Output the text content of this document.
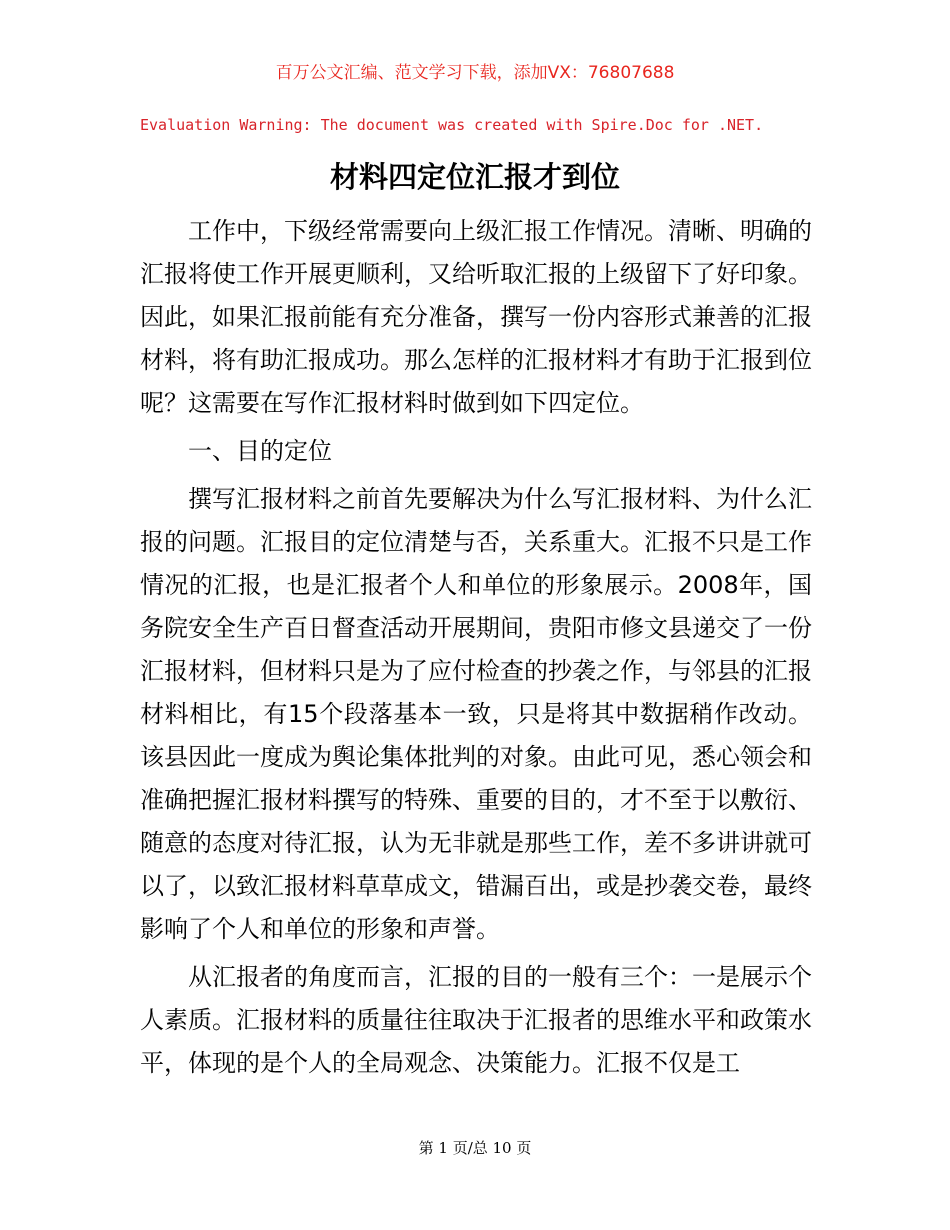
百万公文汇编、范文学习下载，添加VX：76807688
Evaluation Warning: The document was created with Spire.Doc for .NET.
材料四定位汇报才到位

工作中，下级经常需要向上级汇报工作情况。清晰、明确的汇报将使工作开展更顺利，又给听取汇报的上级留下了好印象。因此，如果汇报前能有充分准备，撰写一份内容形式兼善的汇报材料，将有助汇报成功。那么怎样的汇报材料才有助于汇报到位呢？这需要在写作汇报材料时做到如下四定位。

一、目的定位

撰写汇报材料之前首先要解决为什么写汇报材料、为什么汇报的问题。汇报目的定位清楚与否，关系重大。汇报不只是工作情况的汇报，也是汇报者个人和单位的形象展示。2008年，国务院安全生产百日督查活动开展期间，贵阳市修文县递交了一份汇报材料，但材料只是为了应付检查的抄袭之作，与邻县的汇报材料相比，有15个段落基本一致，只是将其中数据稍作改动。该县因此一度成为舆论集体批判的对象。由此可见，悉心领会和准确把握汇报材料撰写的特殊、重要的目的，才不至于以敷衍、随意的态度对待汇报，认为无非就是那些工作，差不多讲讲就可以了，以致汇报材料草草成文，错漏百出，或是抄袭交卷，最终影响了个人和单位的形象和声誉。

从汇报者的角度而言，汇报的目的一般有三个：一是展示个人素质。汇报材料的质量往往取决于汇报者的思维水平和政策水平，体现的是个人的全局观念、决策能力。汇报不仅是工

第 1 页/总 10 页
